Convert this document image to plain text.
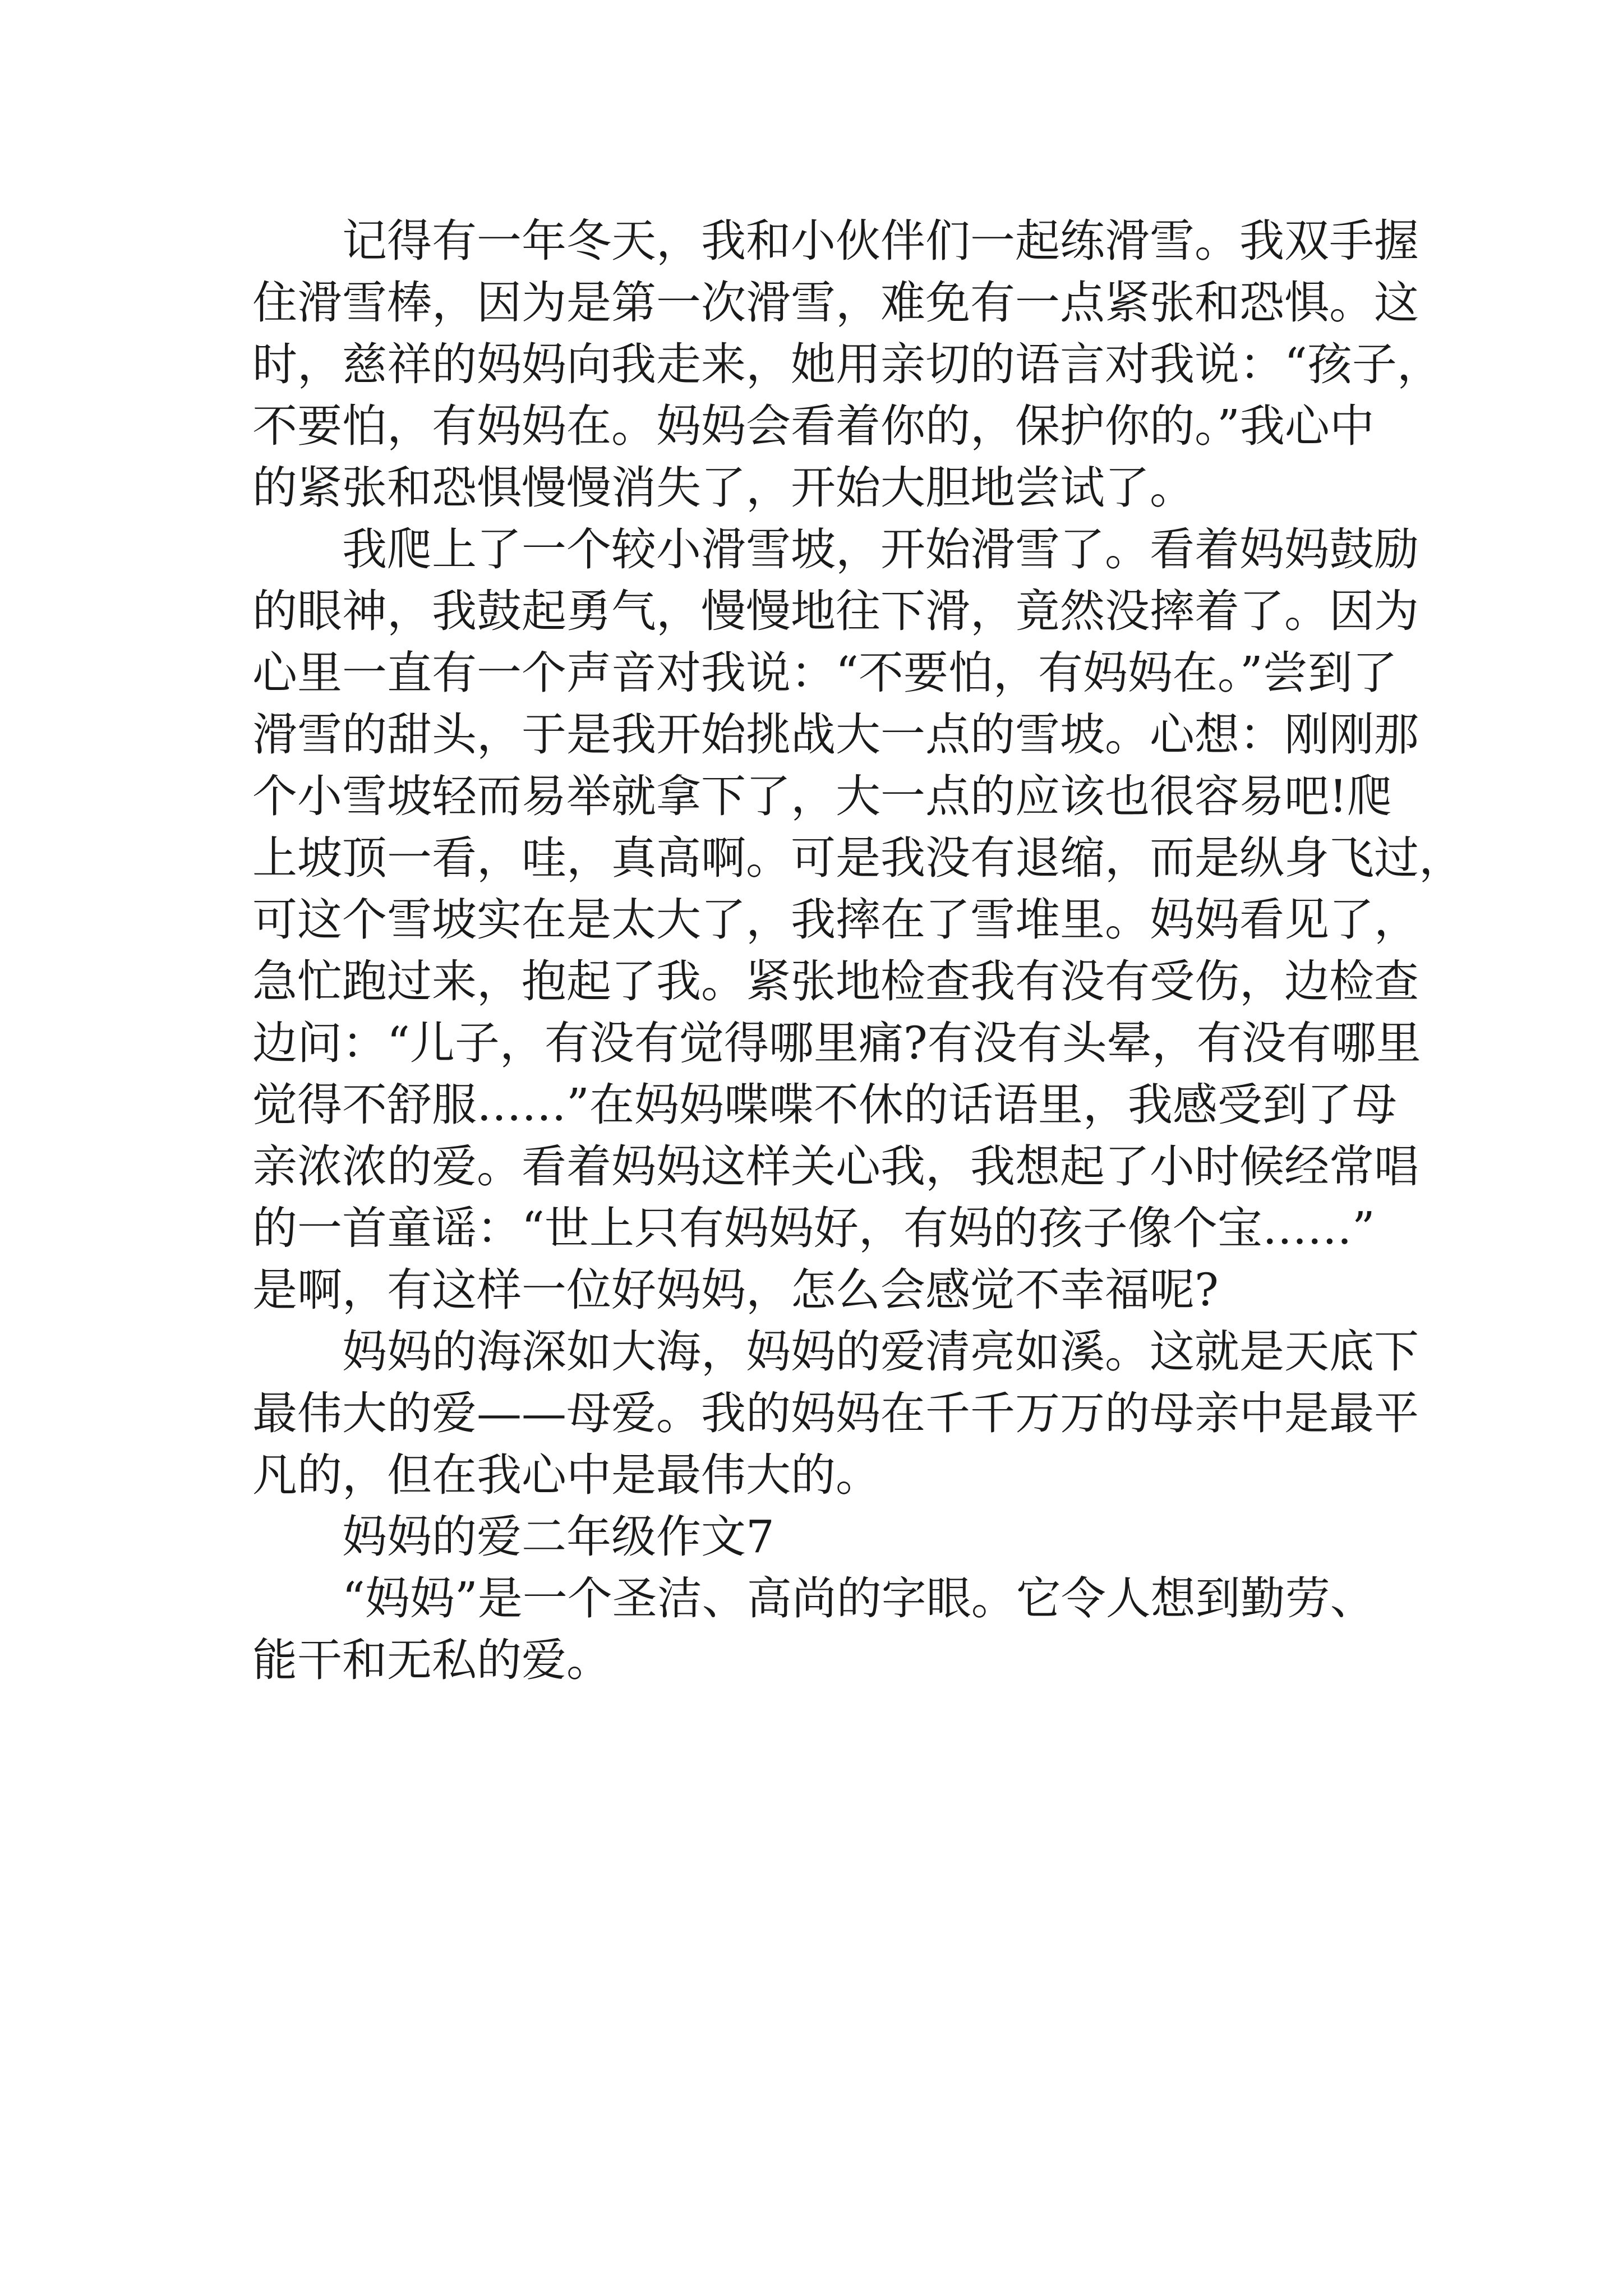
　　记得有一年冬天，我和小伙伴们一起练滑雪。我双手握
住滑雪棒，因为是第一次滑雪，难免有一点紧张和恐惧。这
时，慈祥的妈妈向我走来，她用亲切的语言对我说：“孩子，
不要怕，有妈妈在。妈妈会看着你的，保护你的。”我心中
的紧张和恐惧慢慢消失了，开始大胆地尝试了。
　　我爬上了一个较小滑雪坡，开始滑雪了。看着妈妈鼓励
的眼神，我鼓起勇气，慢慢地往下滑，竟然没摔着了。因为
心里一直有一个声音对我说：“不要怕，有妈妈在。”尝到了
滑雪的甜头，于是我开始挑战大一点的雪坡。心想：刚刚那
个小雪坡轻而易举就拿下了，大一点的应该也很容易吧!爬
上坡顶一看，哇，真高啊。可是我没有退缩，而是纵身飞过，
可这个雪坡实在是太大了，我摔在了雪堆里。妈妈看见了，
急忙跑过来，抱起了我。紧张地检查我有没有受伤，边检查
边问：“儿子，有没有觉得哪里痛?有没有头晕，有没有哪里
觉得不舒服……”在妈妈喋喋不休的话语里，我感受到了母
亲浓浓的爱。看着妈妈这样关心我，我想起了小时候经常唱
的一首童谣：“世上只有妈妈好，有妈的孩子像个宝……”
是啊，有这样一位好妈妈，怎么会感觉不幸福呢?
　　妈妈的海深如大海，妈妈的爱清亮如溪。这就是天底下
最伟大的爱——母爱。我的妈妈在千千万万的母亲中是最平
凡的，但在我心中是最伟大的。
　　妈妈的爱二年级作文7
　　“妈妈”是一个圣洁、高尚的字眼。它令人想到勤劳、
能干和无私的爱。
